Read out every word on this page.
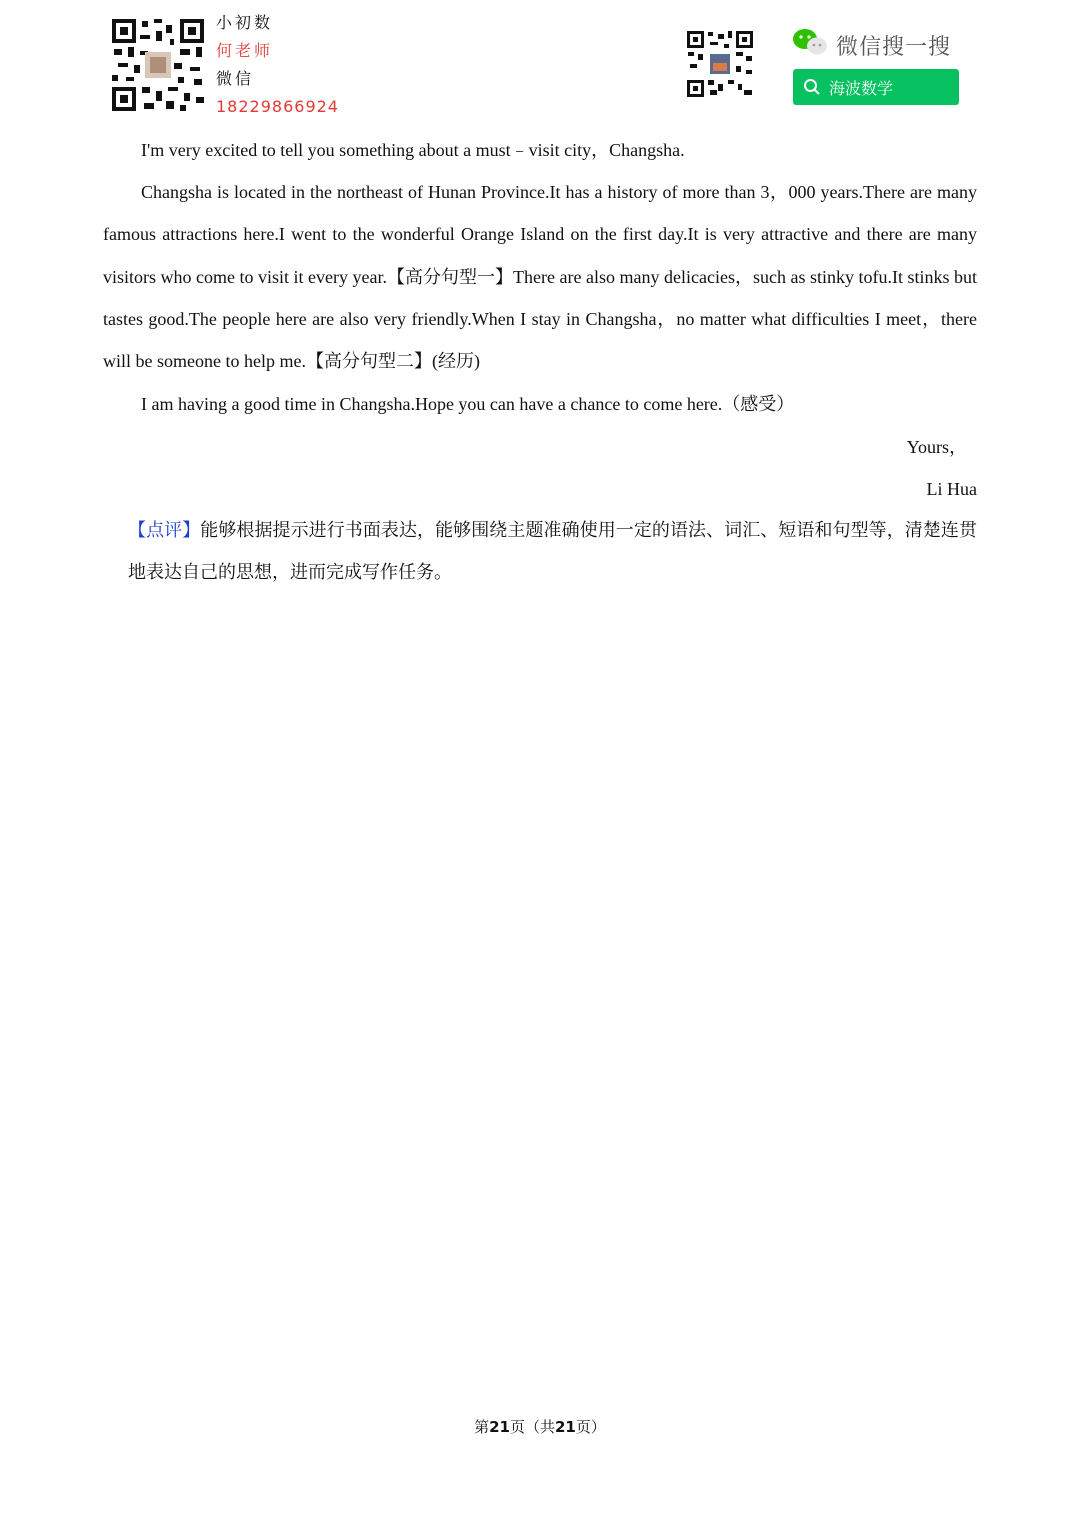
小初数
何老师
微信
18229866924
微信搜一搜
海波数学
I'm very excited to tell you something about a must﹣visit city，Changsha.
Changsha is located in the northeast of Hunan Province.It has a history of more than 3，000 years.There are many famous attractions here.I went to the wonderful Orange Island on the first day.It is very attractive and there are many visitors who come to visit it every year.【高分句型一】There are also many delicacies，such as stinky tofu.It stinks but tastes good.The people here are also very friendly.When I stay in Changsha，no matter what difficulties I meet，there will be someone to help me.【高分句型二】(经历)
I am having a good time in Changsha.Hope you can have a chance to come here.（感受）
Yours，
Li Hua
【点评】能够根据提示进行书面表达，能够围绕主题准确使用一定的语法、词汇、短语和句型等，清楚连贯地表达自己的思想，进而完成写作任务。
第21页（共21页）
